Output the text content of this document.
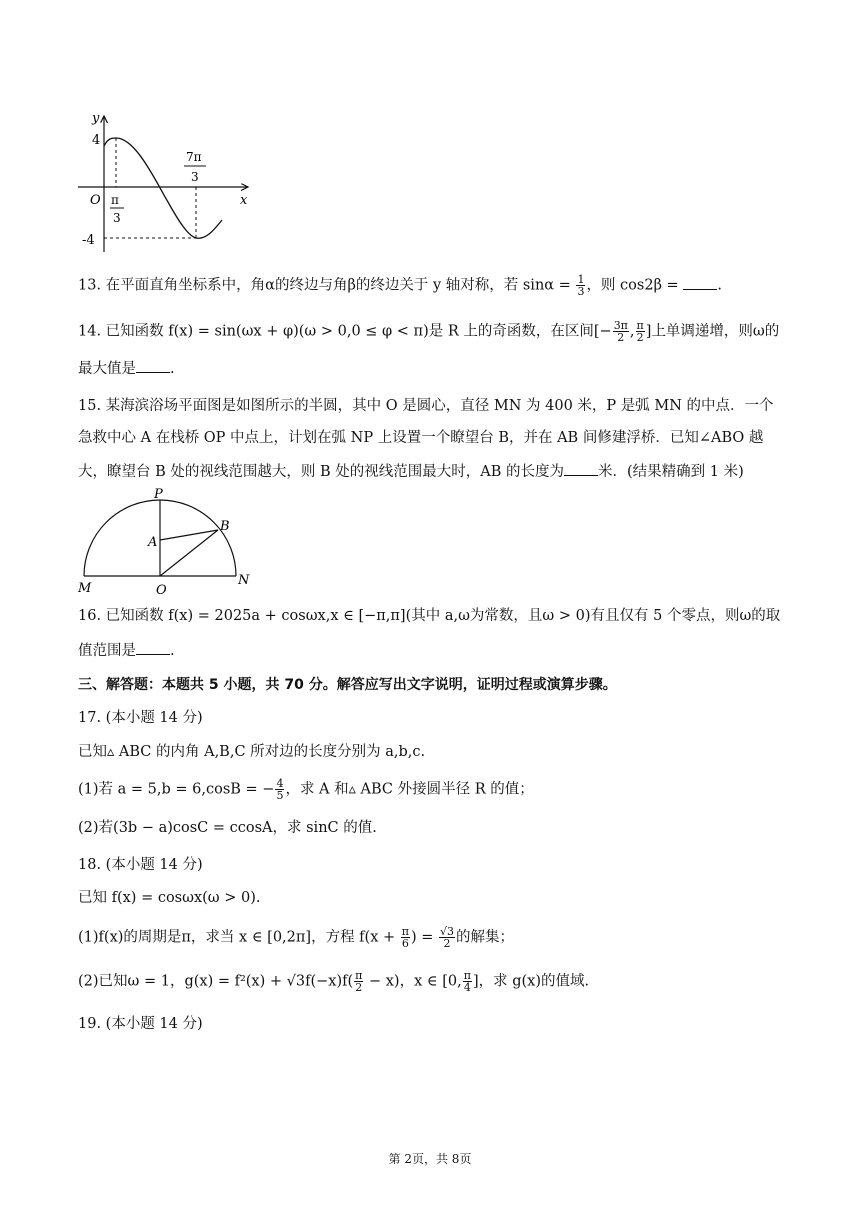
y
x
O
4
-4
π
3
7π
3
13. 在平面直角坐标系中，角α的终边与角β的终边关于 y 轴对称，若 $\sin\alpha = \frac{1}{3}$ ，则 cos2β = .
14. 已知函数 f(x) = sin(ωx + φ)(ω > 0,0 ≤ φ < π)是 R 上的奇函数，在区间[− $\frac{3\pi}{2}$ , $\frac{\pi}{2}$ ]上单调递增，则ω的
最大值是 .
15. 某海滨浴场平面图是如图所示的半圆，其中 O 是圆心，直径 MN 为 400 米，P 是弧 MN 的中点．一个
急救中心 A 在栈桥 OP 中点上，计划在弧 NP 上设置一个瞭望台 B，并在 AB 间修建浮桥．已知∠ABO 越
大，瞭望台 B 处的视线范围越大，则 B 处的视线范围最大时，AB 的长度为 米．(结果精确到 1 米)
P
A
B
M	O
N
16. 已知函数 f(x) = 2025a + cosωx,x ∈ [−π,π](其中 a,ω为常数，且ω > 0)有且仅有 5 个零点，则ω的取
值范围是 .
三、解答题：本题共 5 小题，共 70 分。解答应写出文字说明，证明过程或演算步骤。
17. (本小题 14 分)
已知▵ ABC 的内角 A,B,C 所对边的长度分别为 a,b,c.
(1)若 a = 5,b = 6,cosB = − $\frac{4}{5}$ ，求 A 和▵ ABC 外接圆半径 R 的值；
(2)若(3b − a)cosC = ccosA，求 sinC 的值.
18. (本小题 14 分)
已知 f(x) = cosωx(ω > 0).
(1)f(x)的周期是π，求当 x ∈ [0,2π]，方程 $f(x + \frac{\pi}{6}$ ) = $\frac{√3}{2}$ 的解集；
(2)已知ω = 1，$g(x) = f^2(x) + √3f(-x)f( \frac{\pi}{2} - x)$，x ∈ [0, $\frac{\pi}{4}$ ]，求 g(x)的值域.
19. (本小题 14 分)
第 2页，共 8页
